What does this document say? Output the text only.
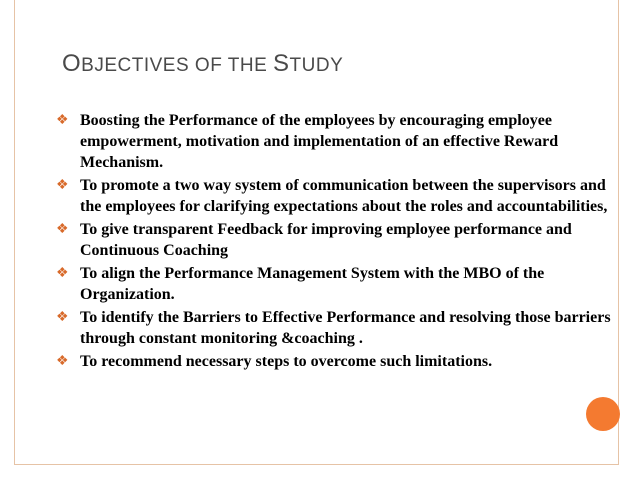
OBJECTIVES OF THE STUDY
❖ Boosting the Performance of the employees by encouraging employee empowerment, motivation and implementation of an effective Reward Mechanism.
❖ To promote a two way system of communication between the supervisors and the employees for clarifying expectations about the roles and accountabilities,
❖ To give transparent Feedback for improving employee performance and Continuous Coaching
❖ To align the Performance Management System with the MBO of the Organization.
❖ To identify the Barriers to Effective Performance and resolving those barriers through constant monitoring &coaching .
❖ To recommend necessary steps to overcome such limitations.
